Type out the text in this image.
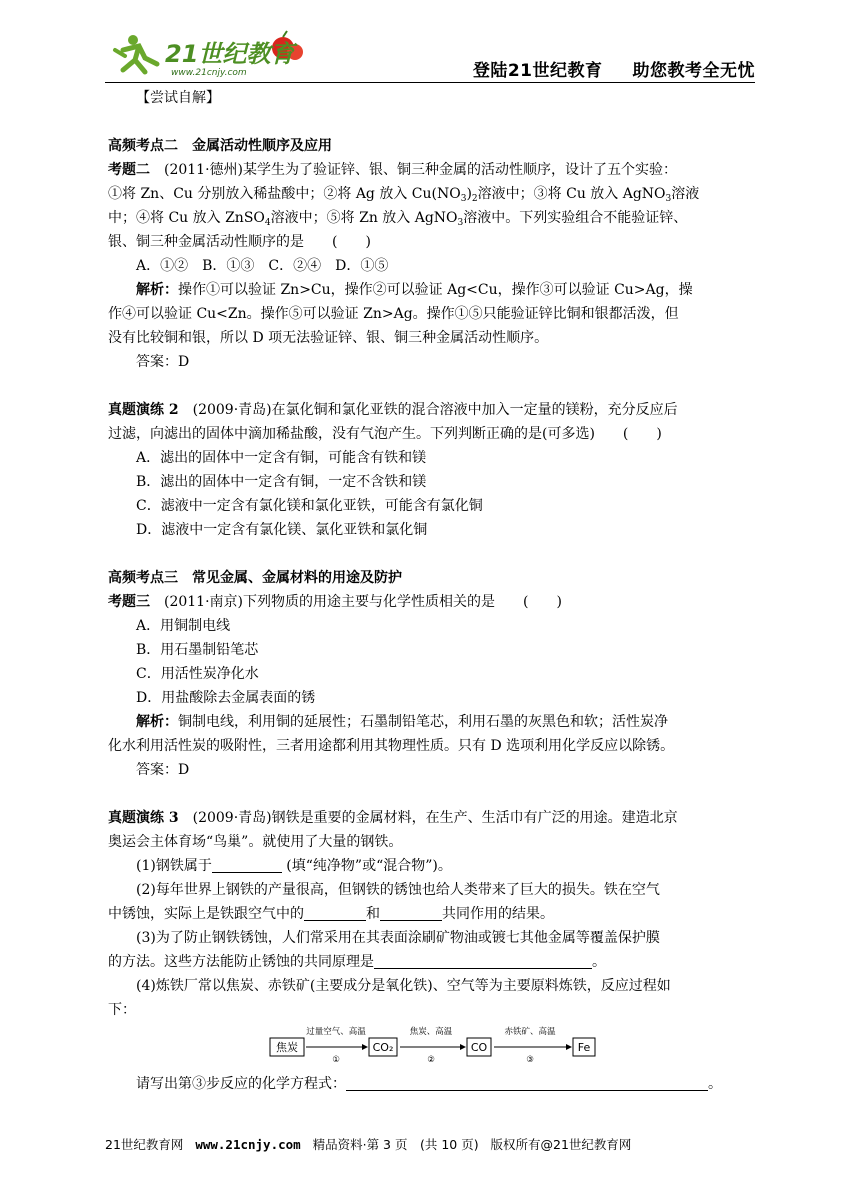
21世纪教育
www.21cnjy.com	登陆21世纪教育 助您教考全无忧
【尝试自解】
高频考点二　金属活动性顺序及应用
考题二　(2011·德州)某学生为了验证锌、银、铜三种金属的活动性顺序，设计了五个实验：
①将 Zn、Cu 分别放入稀盐酸中；②将 Ag 放入 $Cu(NO_3)_2$溶液中；③将 Cu 放入 AgNO$_3$溶液
中；④将 Cu 放入 ZnSO$_4$溶液中；⑤将 Zn 放入 AgNO$_3$溶液中。下列实验组合不能验证锌、
银、铜三种金属活动性顺序的是　　(　　)
A．①②　B．①③　C．②④　D．①⑤
解析：操作①可以验证 Zn>Cu，操作②可以验证 Ag<Cu，操作③可以验证 Cu>Ag，操
作④可以验证 Cu<Zn。操作⑤可以验证 Zn>Ag。操作①⑤只能验证锌比铜和银都活泼，但
没有比较铜和银，所以 D 项无法验证锌、银、铜三种金属活动性顺序。
答案：D
真题演练 2　(2009·青岛)在氯化铜和氯化亚铁的混合溶液中加入一定量的镁粉，充分反应后
过滤，向滤出的固体中滴加稀盐酸，没有气泡产生。下列判断正确的是(可多选)　　(　　)
A．滤出的固体中一定含有铜，可能含有铁和镁
B．滤出的固体中一定含有铜，一定不含铁和镁
C．滤液中一定含有氯化镁和氯化亚铁，可能含有氯化铜
D．滤液中一定含有氯化镁、氯化亚铁和氯化铜
高频考点三　常见金属、金属材料的用途及防护
考题三　(2011·南京)下列物质的用途主要与化学性质相关的是　　(　　)
A．用铜制电线
B．用石墨制铅笔芯
C．用活性炭净化水
D．用盐酸除去金属表面的锈
解析：铜制电线，利用铜的延展性；石墨制铅笔芯，利用石墨的灰黑色和软；活性炭净
化水利用活性炭的吸附性，三者用途都利用其物理性质。只有 D 选项利用化学反应以除锈。
答案：D
真题演练 3　(2009·青岛)钢铁是重要的金属材料，在生产、生活巾有广泛的用途。建造北京
奥运会主体育场“鸟巢”。就使用了大量的钢铁。
(1)钢铁属于	(填“纯净物”或“混合物”)。
(2)每年世界上钢铁的产量很高，但钢铁的锈蚀也给人类带来了巨大的损失。铁在空气
中锈蚀，实际上是铁跟空气中的	和	共同作用的结果。
(3)为了防止钢铁锈蚀，人们常采用在其表面涂刷矿物油或镀七其他金属等覆盖保护膜
的方法。这些方法能防止锈蚀的共同原理是	。
(4)炼铁厂常以焦炭、赤铁矿(主要成分是氧化铁)、空气等为主要原料炼铁，反应过程如
下：
焦炭
过量空气、高温
①
CO₂
焦炭、高温
②
CO
赤铁矿、高温
③
Fe
请写出第③步反应的化学方程式：	。
21世纪教育网 www.21cnjy.com 精品资料·第 3 页　(共 10 页) 版权所有@21世纪教育网
